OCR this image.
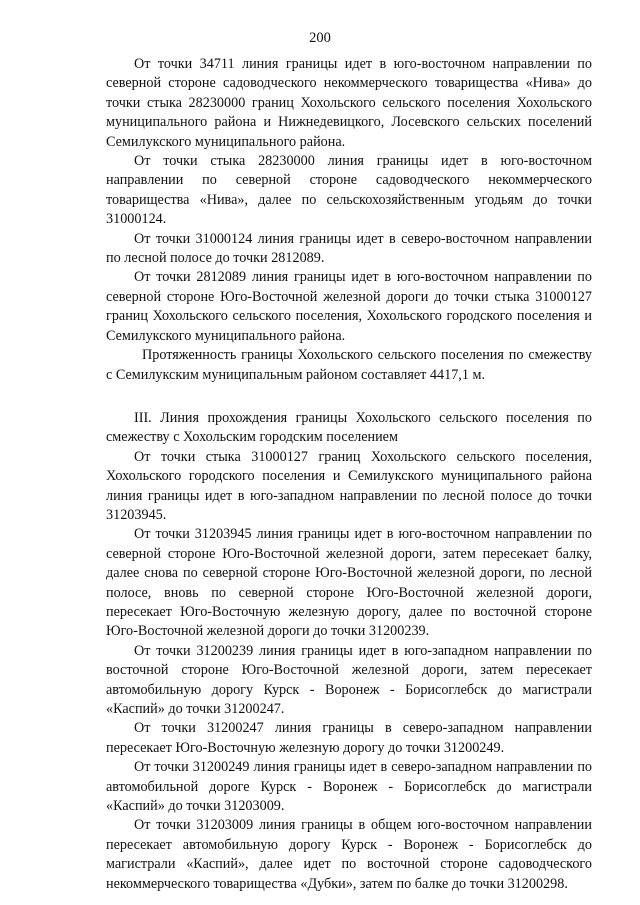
200

От точки 34711 линия границы идет в юго-восточном направлении по северной стороне садоводческого некоммерческого товарищества «Нива» до точки стыка 28230000 границ Хохольского сельского поселения Хохольского муниципального района и Нижнедевицкого, Лосевского сельских поселений Семилукского муниципального района.

От точки стыка 28230000 линия границы идет в юго-восточном направлении по северной стороне садоводческого некоммерческого товарищества «Нива», далее по сельскохозяйственным угодьям до точки 31000124.

От точки 31000124 линия границы идет в северо-восточном направлении по лесной полосе до точки 2812089.

От точки 2812089 линия границы идет в юго-восточном направлении по северной стороне Юго-Восточной железной дороги до точки стыка 31000127 границ Хохольского сельского поселения, Хохольского городского поселения и Семилукского муниципального района.

Протяженность границы Хохольского сельского поселения по смежеству с Семилукским муниципальным районом составляет 4417,1 м.

III. Линия прохождения границы Хохольского сельского поселения по смежеству с Хохольским городским поселением

От точки стыка 31000127 границ Хохольского сельского поселения, Хохольского городского поселения и Семилукского муниципального района линия границы идет в юго-западном направлении по лесной полосе до точки 31203945.

От точки 31203945 линия границы идет в юго-восточном направлении по северной стороне Юго-Восточной железной дороги, затем пересекает балку, далее снова по северной стороне Юго-Восточной железной дороги, по лесной полосе, вновь по северной стороне Юго-Восточной железной дороги, пересекает Юго-Восточную железную дорогу, далее по восточной стороне Юго-Восточной железной дороги до точки 31200239.

От точки 31200239 линия границы идет в юго-западном направлении по восточной стороне Юго-Восточной железной дороги, затем пересекает автомобильную дорогу Курск - Воронеж - Борисоглебск до магистрали «Каспий» до точки 31200247.

От точки 31200247 линия границы в северо-западном направлении пересекает Юго-Восточную железную дорогу до точки 31200249.

От точки 31200249 линия границы идет в северо-западном направлении по автомобильной дороге Курск - Воронеж - Борисоглебск до магистрали «Каспий» до точки 31203009.

От точки 31203009 линия границы в общем юго-восточном направлении пересекает автомобильную дорогу Курск - Воронеж - Борисоглебск до магистрали «Каспий», далее идет по восточной стороне садоводческого некоммерческого товарищества «Дубки», затем по балке до точки 31200298.
